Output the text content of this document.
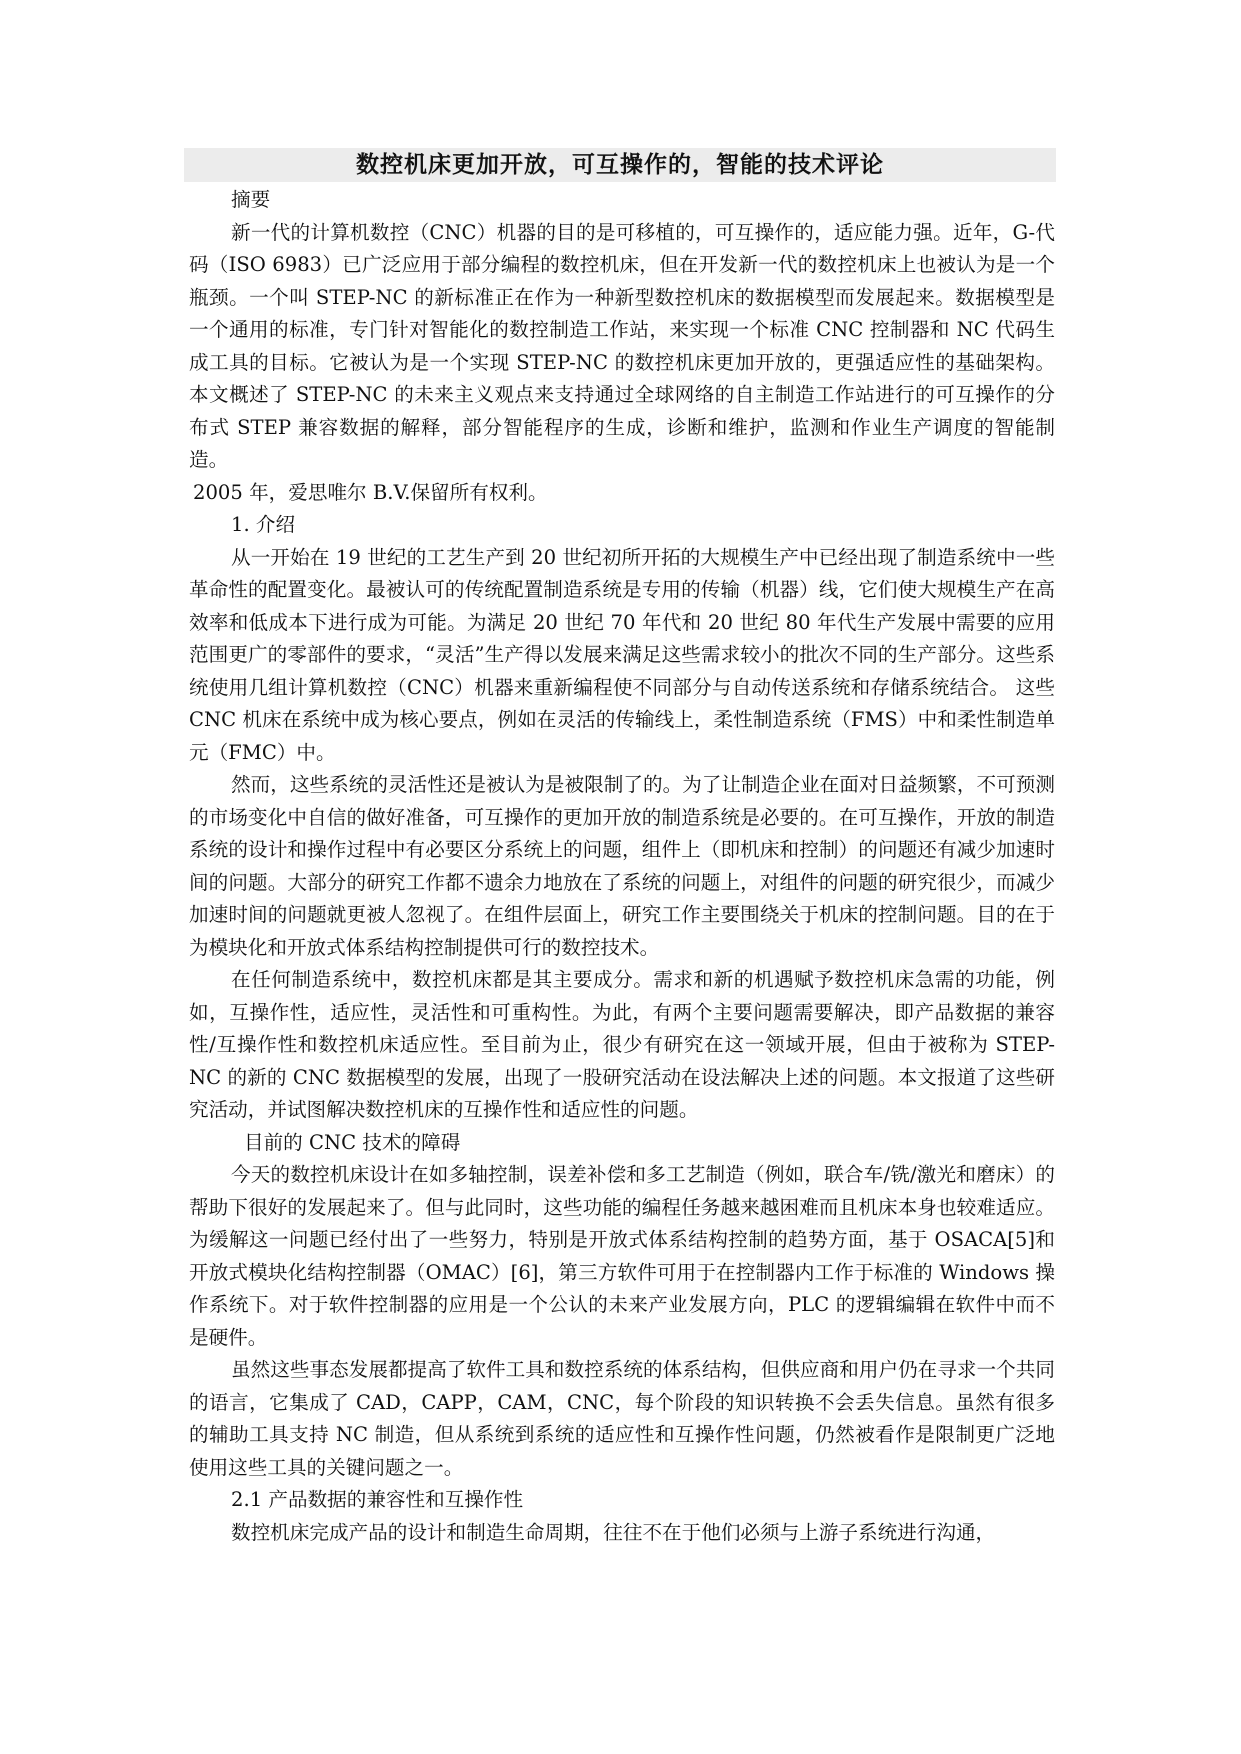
数控机床更加开放，可互操作的，智能的技术评论

摘要

新一代的计算机数控（CNC）机器的目的是可移植的，可互操作的，适应能力强。近年，G-代码（ISO 6983）已广泛应用于部分编程的数控机床，但在开发新一代的数控机床上也被认为是一个瓶颈。一个叫 STEP-NC 的新标准正在作为一种新型数控机床的数据模型而发展起来。数据模型是一个通用的标准，专门针对智能化的数控制造工作站，来实现一个标准 CNC 控制器和 NC 代码生成工具的目标。它被认为是一个实现 STEP-NC 的数控机床更加开放的，更强适应性的基础架构。本文概述了 STEP-NC 的未来主义观点来支持通过全球网络的自主制造工作站进行的可互操作的分布式 STEP 兼容数据的解释，部分智能程序的生成，诊断和维护，监测和作业生产调度的智能制造。

2005 年，爱思唯尔 B.V.保留所有权利。

1. 介绍

从一开始在 19 世纪的工艺生产到 20 世纪初所开拓的大规模生产中已经出现了制造系统中一些革命性的配置变化。最被认可的传统配置制造系统是专用的传输（机器）线，它们使大规模生产在高效率和低成本下进行成为可能。为满足 20 世纪 70 年代和 20 世纪 80 年代生产发展中需要的应用范围更广的零部件的要求，“灵活”生产得以发展来满足这些需求较小的批次不同的生产部分。这些系统使用几组计算机数控（CNC）机器来重新编程使不同部分与自动传送系统和存储系统结合。 这些 CNC 机床在系统中成为核心要点，例如在灵活的传输线上，柔性制造系统（FMS）中和柔性制造单元（FMC）中。

然而，这些系统的灵活性还是被认为是被限制了的。为了让制造企业在面对日益频繁，不可预测的市场变化中自信的做好准备，可互操作的更加开放的制造系统是必要的。在可互操作，开放的制造系统的设计和操作过程中有必要区分系统上的问题，组件上（即机床和控制）的问题还有减少加速时间的问题。大部分的研究工作都不遗余力地放在了系统的问题上，对组件的问题的研究很少，而减少加速时间的问题就更被人忽视了。在组件层面上，研究工作主要围绕关于机床的控制问题。目的在于为模块化和开放式体系结构控制提供可行的数控技术。

在任何制造系统中，数控机床都是其主要成分。需求和新的机遇赋予数控机床急需的功能，例如，互操作性，适应性，灵活性和可重构性。为此，有两个主要问题需要解决，即产品数据的兼容性/互操作性和数控机床适应性。至目前为止，很少有研究在这一领域开展，但由于被称为 STEP-NC 的新的 CNC 数据模型的发展，出现了一股研究活动在设法解决上述的问题。本文报道了这些研究活动，并试图解决数控机床的互操作性和适应性的问题。

目前的 CNC 技术的障碍

今天的数控机床设计在如多轴控制，误差补偿和多工艺制造（例如，联合车/铣/激光和磨床）的帮助下很好的发展起来了。但与此同时，这些功能的编程任务越来越困难而且机床本身也较难适应。为缓解这一问题已经付出了一些努力，特别是开放式体系结构控制的趋势方面，基于 OSACA[5]和开放式模块化结构控制器（OMAC）[6]，第三方软件可用于在控制器内工作于标准的 Windows 操作系统下。对于软件控制器的应用是一个公认的未来产业发展方向，PLC 的逻辑编辑在软件中而不是硬件。

虽然这些事态发展都提高了软件工具和数控系统的体系结构，但供应商和用户仍在寻求一个共同的语言，它集成了 CAD，CAPP，CAM，CNC，每个阶段的知识转换不会丢失信息。虽然有很多的辅助工具支持 NC 制造，但从系统到系统的适应性和互操作性问题，仍然被看作是限制更广泛地使用这些工具的关键问题之一。

2.1 产品数据的兼容性和互操作性

数控机床完成产品的设计和制造生命周期，往往不在于他们必须与上游子系统进行沟通，
